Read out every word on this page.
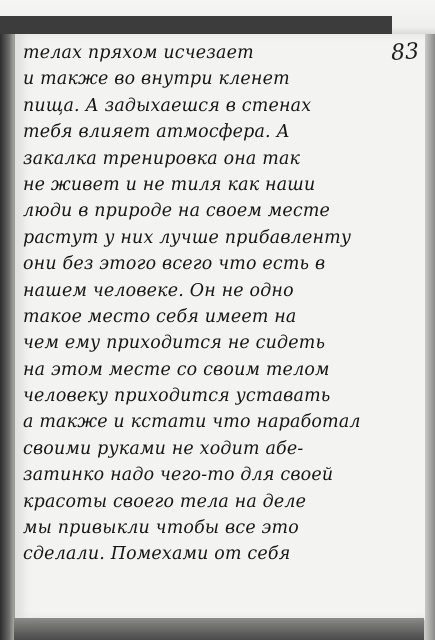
83
телах пряхом исчезает
и также во внутри кленет
пища. А задыхаешся в стенах
тебя влияет атмосфера. А
закалка тренировка она так
не живет и не тиля как наши
люди в природе на своем месте
растут у них лучше прибавленту
они без этого всего что есть в
нашем человеке. Он не одно
такое место себя имеет на
чем ему приходится не сидеть
на этом месте со своим телом
человеку приходится уставать
а также и кстати что наработал
своими руками не ходит абе-
затинко надо чего-то для своей
красоты своего тела на деле
мы привыкли чтобы все это
сделали. Помехами от себя
